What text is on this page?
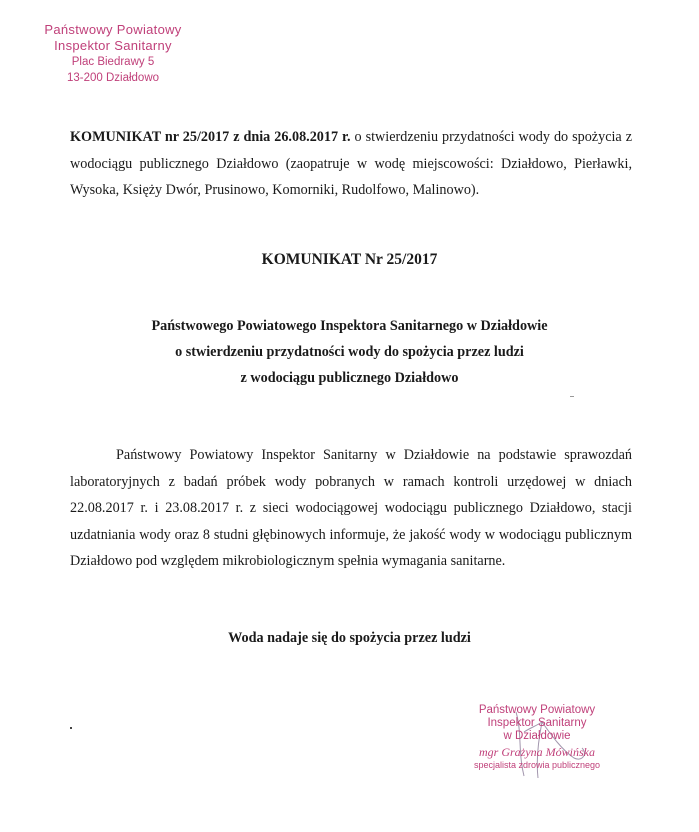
Państwowy Powiatowy
Inspektor Sanitarny
Plac Biedrawy 5
13-200 Działdowo
KOMUNIKAT nr 25/2017 z dnia 26.08.2017 r. o stwierdzeniu przydatności wody do spożycia z wodociągu publicznego Działdowo (zaopatruje w wodę miejscowości: Działdowo, Pierławki, Wysoka, Księży Dwór, Prusinowo, Komorniki, Rudolfowo, Malinowo).
KOMUNIKAT Nr 25/2017
Państwowego Powiatowego Inspektora Sanitarnego w Działdowie
o stwierdzeniu przydatności wody do spożycia przez ludzi
z wodociągu publicznego Działdowo
Państwowy Powiatowy Inspektor Sanitarny w Działdowie na podstawie sprawozdań laboratoryjnych z badań próbek wody pobranych w ramach kontroli urzędowej w dniach 22.08.2017 r. i 23.08.2017 r. z sieci wodociągowej wodociągu publicznego Działdowo, stacji uzdatniania wody oraz 8 studni głębinowych informuje, że jakość wody w wodociągu publicznym Działdowo pod względem mikrobiologicznym spełnia wymagania sanitarne.
Woda nadaje się do spożycia przez ludzi
Państwowy Powiatowy
Inspektor Sanitarny
w Działdowie
mgr Grażyna Mówińska
specjalista zdrowia publicznego
